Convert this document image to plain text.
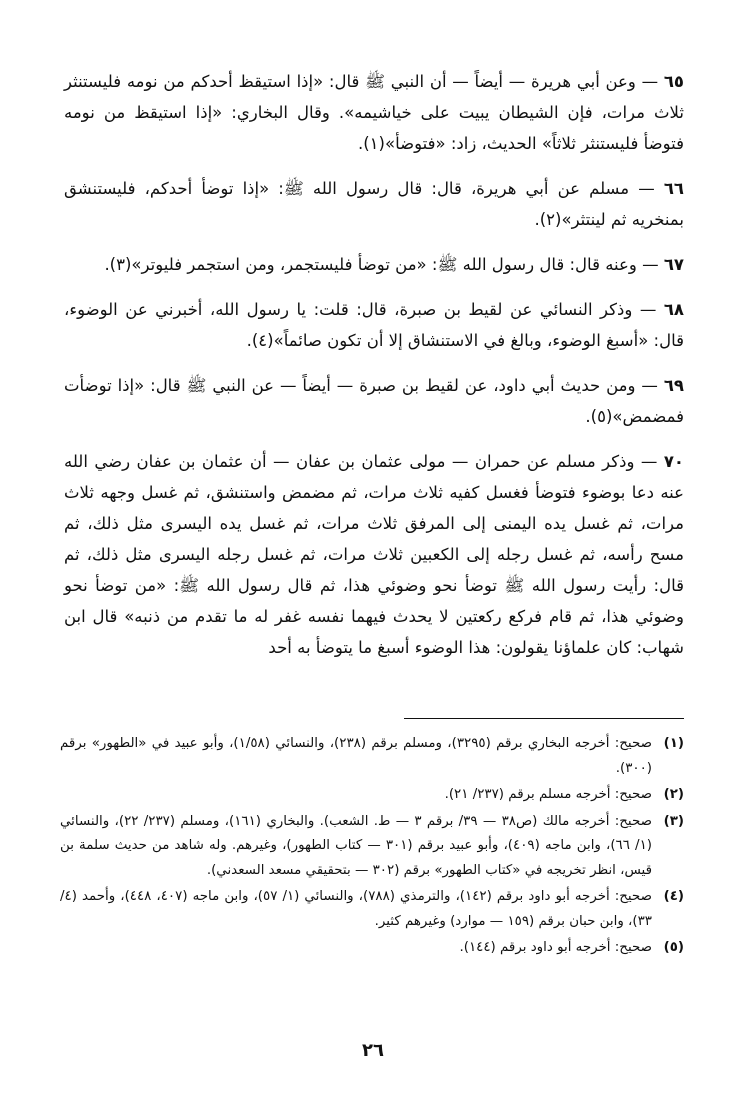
٦٥ — وعن أبي هريرة — أيضاً — أن النبي ﷺ قال: «إذا استيقظ أحدكم من نومه فليستنثر ثلاث مرات، فإن الشيطان يبيت على خياشيمه». وقال البخاري: «إذا استيقظ من نومه فتوضأ فليستنثر ثلاثاً» الحديث، زاد: «فتوضأ»(١).

٦٦ — مسلم عن أبي هريرة، قال: قال رسول الله ﷺ: «إذا توضأ أحدكم، فليستنشق بمنخريه ثم لينتثر»(٢).

٦٧ — وعنه قال: قال رسول الله ﷺ: «من توضأ فليستجمر، ومن استجمر فليوتر»(٣).

٦٨ — وذكر النسائي عن لقيط بن صبرة، قال: قلت: يا رسول الله، أخبرني عن الوضوء، قال: «أسبغ الوضوء، وبالغ في الاستنشاق إلا أن تكون صائماً»(٤).

٦٩ — ومن حديث أبي داود، عن لقيط بن صبرة — أيضاً — عن النبي ﷺ قال: «إذا توضأت فمضمض»(٥).

٧٠ — وذكر مسلم عن حمران — مولى عثمان بن عفان — أن عثمان بن عفان رضي الله عنه دعا بوضوء فتوضأ فغسل كفيه ثلاث مرات، ثم مضمض واستنشق، ثم غسل وجهه ثلاث مرات، ثم غسل يده اليمنى إلى المرفق ثلاث مرات، ثم غسل يده اليسرى مثل ذلك، ثم مسح رأسه، ثم غسل رجله إلى الكعبين ثلاث مرات، ثم غسل رجله اليسرى مثل ذلك، ثم قال: رأيت رسول الله ﷺ توضأ نحو وضوئي هذا، ثم قال رسول الله ﷺ: «من توضأ نحو وضوئي هذا، ثم قام فركع ركعتين لا يحدث فيهما نفسه غفر له ما تقدم من ذنبه» قال ابن شهاب: كان علماؤنا يقولون: هذا الوضوء أسبغ ما يتوضأ به أحد

(١)
صحيح: أخرجه البخاري برقم (٣٢٩٥)، ومسلم برقم (٢٣٨)، والنسائي (١/٥٨)، وأبو عبيد في «الطهور» برقم (٣٠٠).
(٢)
صحيح: أخرجه مسلم برقم (٢٣٧/ ٢١).
(٣)
صحيح: أخرجه مالك (ص٣٨ — ٣٩/ برقم ٣ — ط. الشعب). والبخاري (١٦١)، ومسلم (٢٣٧/ ٢٢)، والنسائي (١/ ٦٦)، وابن ماجه (٤٠٩)، وأبو عبيد برقم (٣٠١ — كتاب الطهور)، وغيرهم. وله شاهد من حديث سلمة بن قيس، انظر تخريجه في «كتاب الطهور» برقم (٣٠٢ — بتحقيقي مسعد السعدني).
(٤)
صحيح: أخرجه أبو داود برقم (١٤٢)، والترمذي (٧٨٨)، والنسائي (١/ ٥٧)، وابن ماجه (٤٠٧، ٤٤٨)، وأحمد (٤/ ٣٣)، وابن حبان برقم (١٥٩ — موارد) وغيرهم كثير.
(٥)
صحيح: أخرجه أبو داود برقم (١٤٤).
٢٦
